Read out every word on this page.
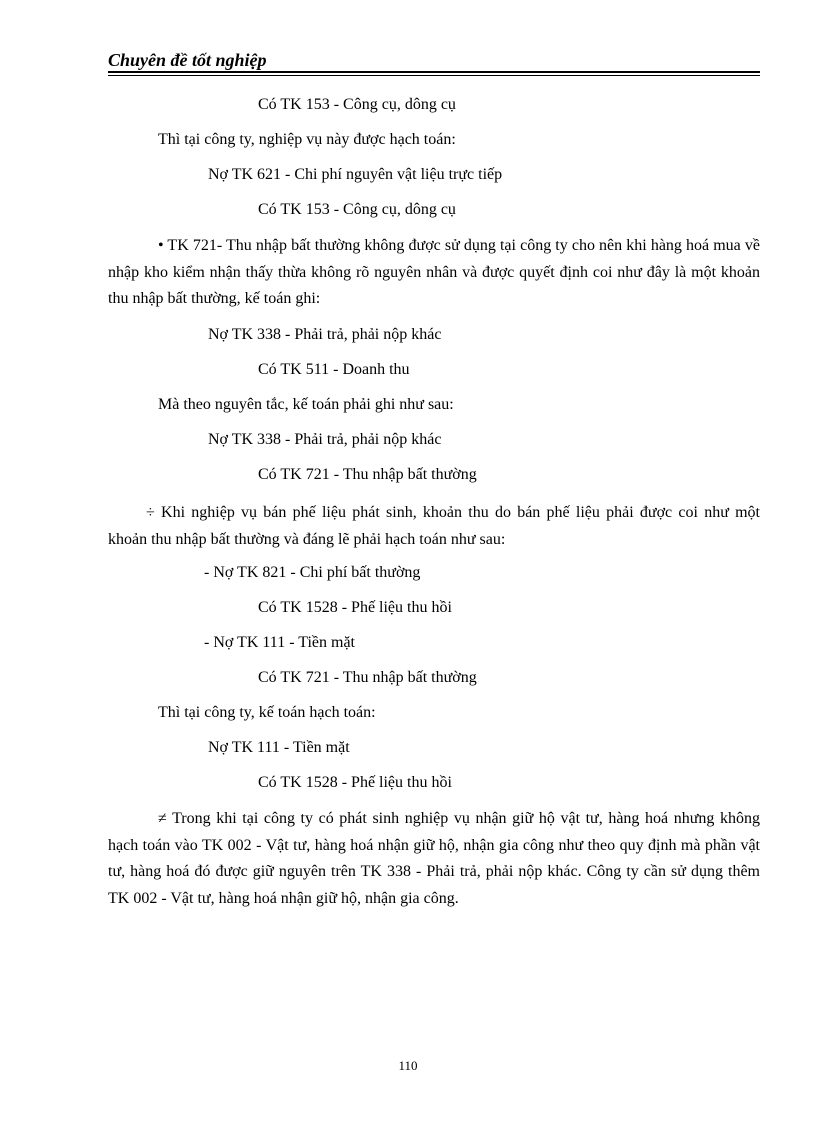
Chuyên đề tốt nghiệp
Có TK 153 - Công cụ, dông cụ
Thì tại công ty, nghiệp vụ này được hạch toán:
Nợ TK 621 - Chi phí nguyên vật liệu trực tiếp
Có TK 153 - Công cụ, dông cụ
• TK 721- Thu nhập bất thường không được sử dụng tại công ty cho nên khi hàng hoá mua về nhập kho kiểm nhận thấy thừa không rõ nguyên nhân và được quyết định coi như đây là một khoản thu nhập bất thường, kế toán ghi:
Nợ TK 338 - Phải trả, phải nộp khác
Có TK 511 - Doanh thu
Mà theo nguyên tắc, kế toán phải ghi như sau:
Nợ TK 338 - Phải trả, phải nộp khác
Có TK 721 - Thu nhập bất thường
÷ Khi nghiệp vụ bán phế liệu phát sinh, khoản thu do bán phế liệu phải được coi như một khoản thu nhập bất thường và đáng lẽ phải hạch toán như sau:
- Nợ TK 821 - Chi phí bất thường
Có TK 1528 - Phế liệu thu hồi
- Nợ TK 111 - Tiền mặt
Có TK 721 - Thu nhập bất thường
Thì tại công ty, kế toán hạch toán:
Nợ TK 111 - Tiền mặt
Có TK 1528 - Phế liệu thu hồi
≠ Trong khi tại công ty có phát sinh nghiệp vụ nhận giữ hộ vật tư, hàng hoá nhưng không hạch toán vào TK 002 - Vật tư, hàng hoá nhận giữ hộ, nhận gia công như theo quy định mà phần vật tư, hàng hoá đó được giữ nguyên trên TK 338 - Phải trả, phải nộp khác. Công ty cần sử dụng thêm TK 002 - Vật tư, hàng hoá nhận giữ hộ, nhận gia công.
110
